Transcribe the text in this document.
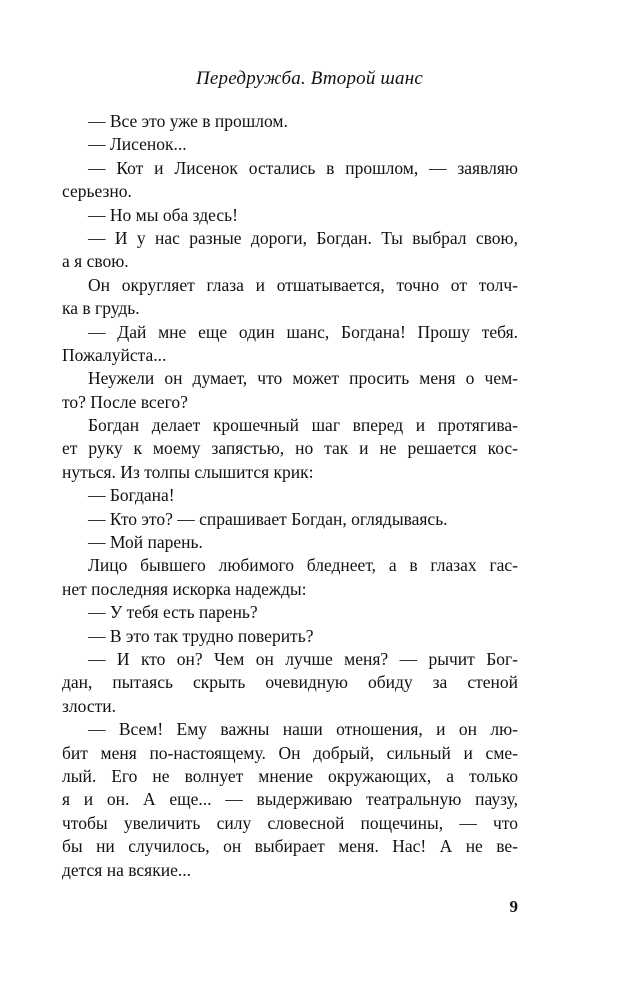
Передружба. Второй шанс
— Все это уже в прошлом.
— Лисенок...
— Кот и Лисенок остались в прошлом, — заявляю
серьезно.
— Но мы оба здесь!
— И у нас разные дороги, Богдан. Ты выбрал свою,
а я свою.
Он округляет глаза и отшатывается, точно от толч-
ка в грудь.
— Дай мне еще один шанс, Богдана! Прошу тебя.
Пожалуйста...
Неужели он думает, что может просить меня о чем-
то? После всего?
Богдан делает крошечный шаг вперед и протягива-
ет руку к моему запястью, но так и не решается кос-
нуться. Из толпы слышится крик:
— Богдана!
— Кто это? — спрашивает Богдан, оглядываясь.
— Мой парень.
Лицо бывшего любимого бледнеет, а в глазах гас-
нет последняя искорка надежды:
— У тебя есть парень?
— В это так трудно поверить?
— И кто он? Чем он лучше меня? — рычит Бог-
дан, пытаясь скрыть очевидную обиду за стеной
злости.
— Всем! Ему важны наши отношения, и он лю-
бит меня по-настоящему. Он добрый, сильный и сме-
лый. Его не волнует мнение окружающих, а только
я и он. А еще... — выдерживаю театральную паузу,
чтобы увеличить силу словесной пощечины, — что
бы ни случилось, он выбирает меня. Нас! А не ве-
дется на всякие...
9
